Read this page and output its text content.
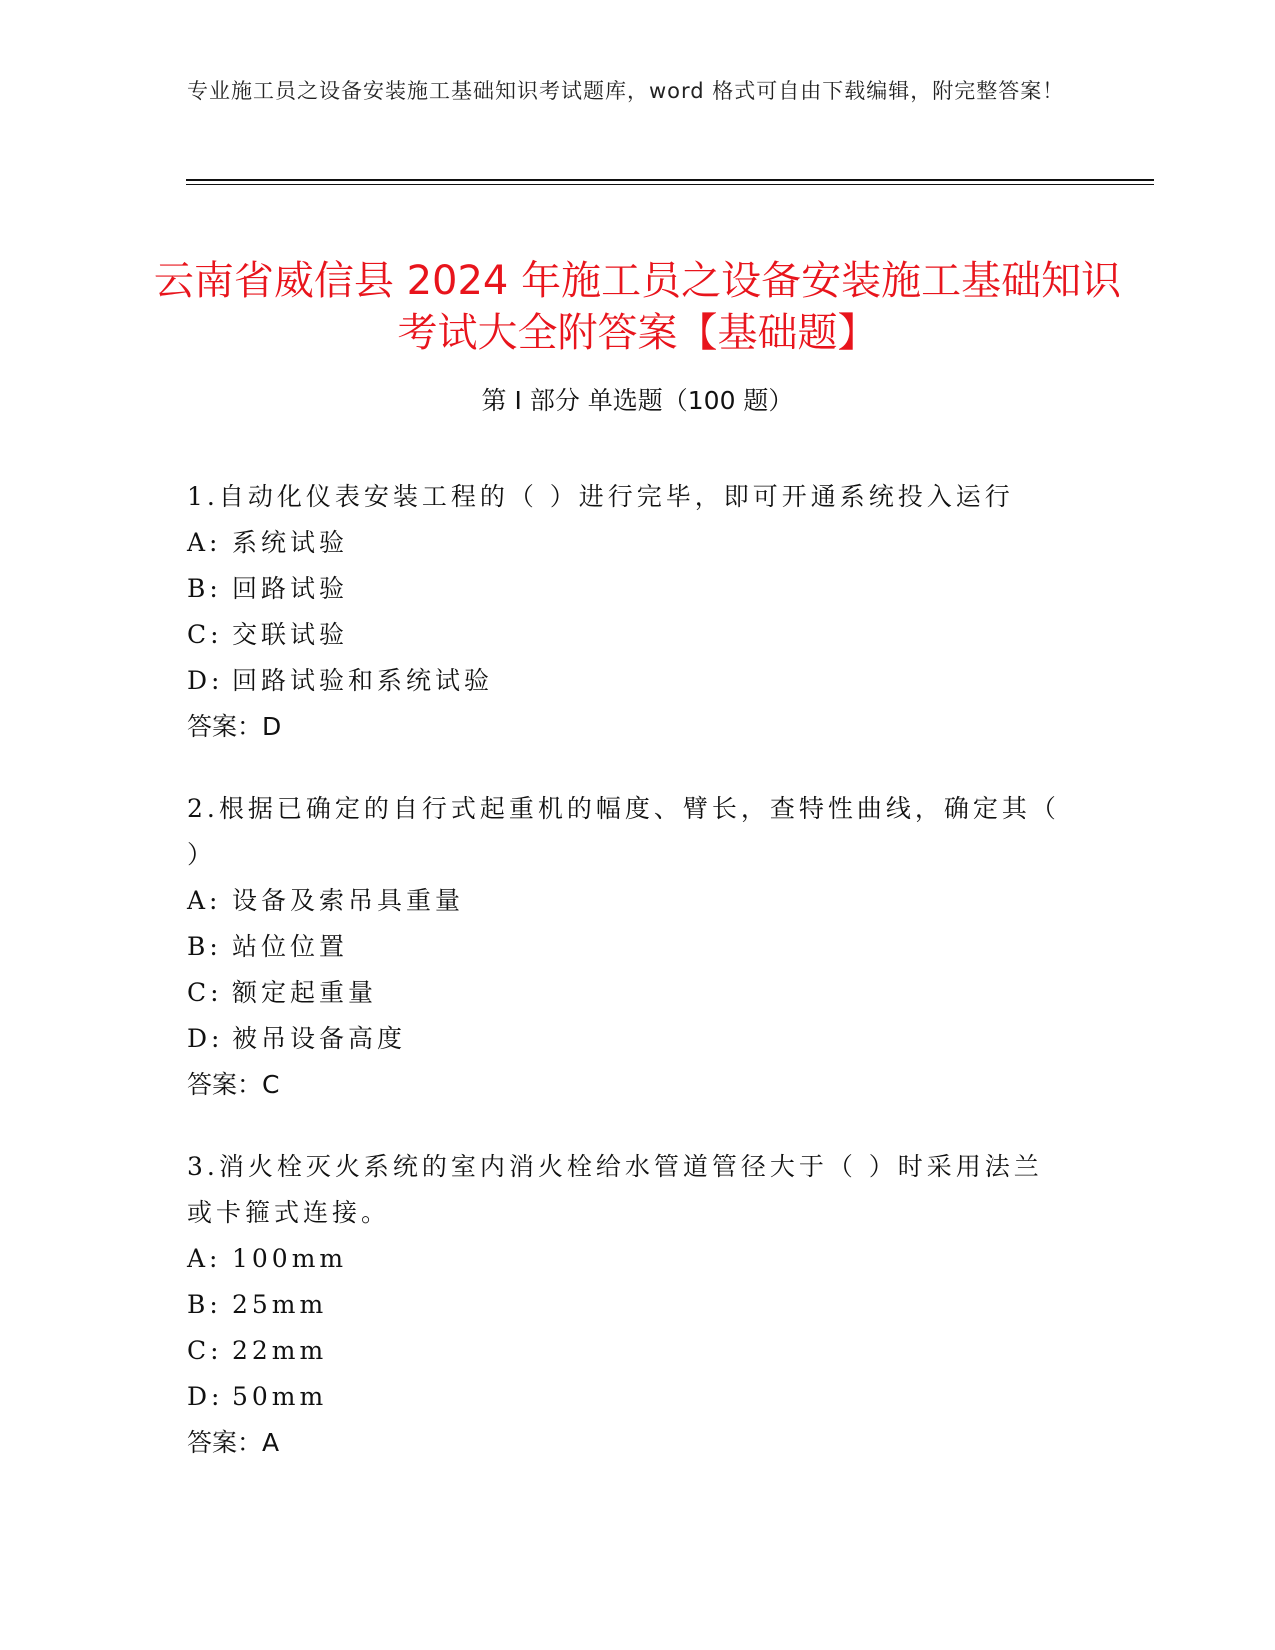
专业施工员之设备安装施工基础知识考试题库，word 格式可自由下载编辑，附完整答案！
云南省威信县 2024 年施工员之设备安装施工基础知识考试大全附答案【基础题】
第 I 部分 单选题（100 题）

1.自动化仪表安装工程的（ ）进行完毕，即可开通系统投入运行

A: 系统试验

B: 回路试验

C: 交联试验

D: 回路试验和系统试验

答案：D

2.根据已确定的自行式起重机的幅度、臂长，查特性曲线，确定其（ ）

A: 设备及索吊具重量

B: 站位位置

C: 额定起重量

D: 被吊设备高度

答案：C

3.消火栓灭火系统的室内消火栓给水管道管径大于（ ）时采用法兰或卡箍式连接。

A: 100mm

B: 25mm

C: 22mm

D: 50mm

答案：A
